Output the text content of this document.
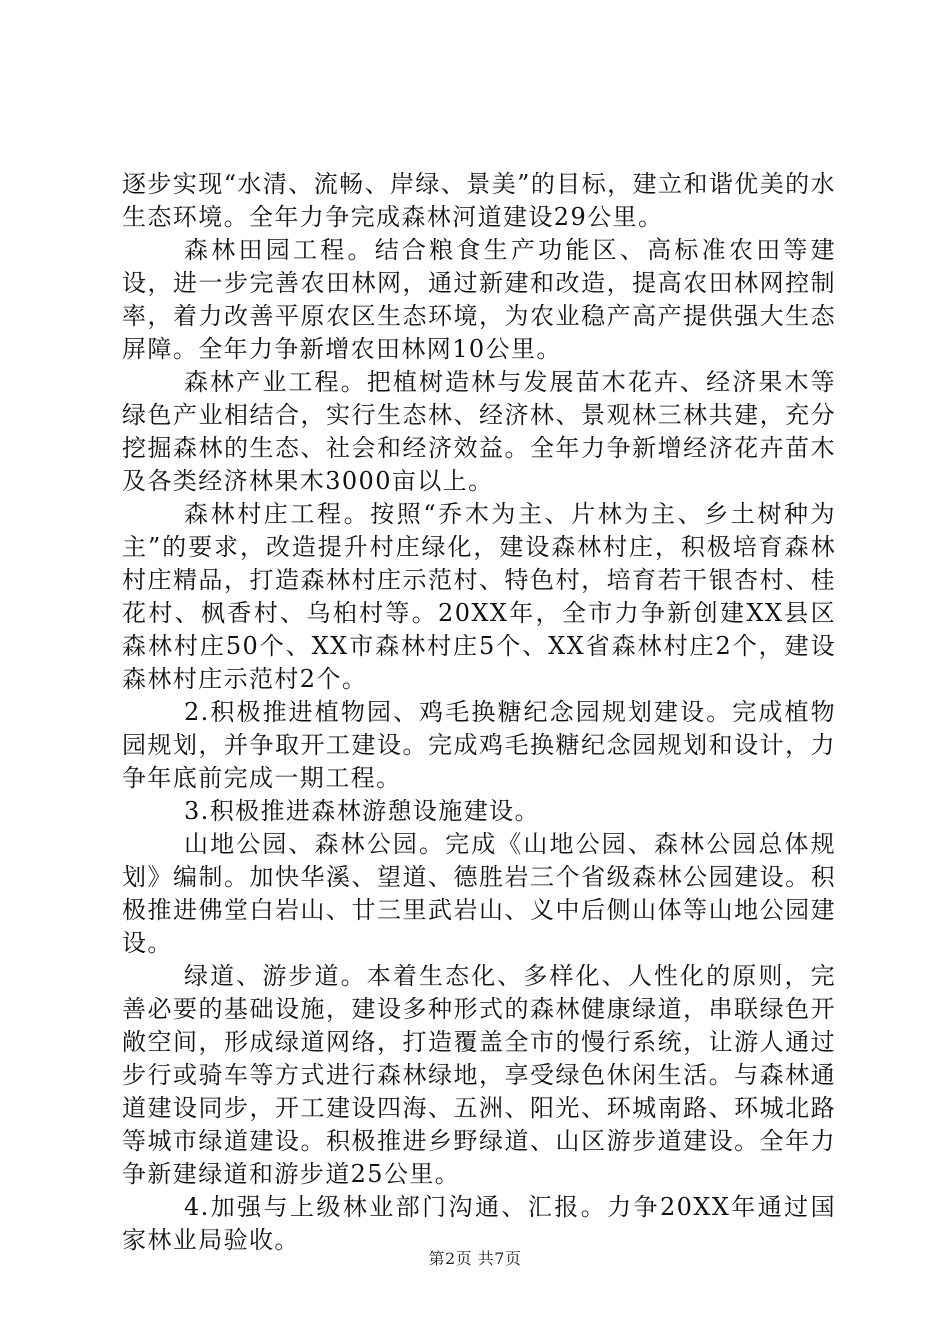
逐步实现“水清、流畅、岸绿、景美”的目标，建立和谐优美的水生态环境。全年力争完成森林河道建设29公里。

森林田园工程。结合粮食生产功能区、高标准农田等建设，进一步完善农田林网，通过新建和改造，提高农田林网控制率，着力改善平原农区生态环境，为农业稳产高产提供强大生态屏障。全年力争新增农田林网10公里。

森林产业工程。把植树造林与发展苗木花卉、经济果木等绿色产业相结合，实行生态林、经济林、景观林三林共建，充分挖掘森林的生态、社会和经济效益。全年力争新增经济花卉苗木及各类经济林果木3000亩以上。

森林村庄工程。按照“乔木为主、片林为主、乡土树种为主”的要求，改造提升村庄绿化，建设森林村庄，积极培育森林村庄精品，打造森林村庄示范村、特色村，培育若干银杏村、桂花村、枫香村、乌桕村等。20XX年，全市力争新创建XX县区森林村庄50个、XX市森林村庄5个、XX省森林村庄2个，建设森林村庄示范村2个。

2.积极推进植物园、鸡毛换糖纪念园规划建设。完成植物园规划，并争取开工建设。完成鸡毛换糖纪念园规划和设计，力争年底前完成一期工程。

3.积极推进森林游憩设施建设。

山地公园、森林公园。完成《山地公园、森林公园总体规划》编制。加快华溪、望道、德胜岩三个省级森林公园建设。积极推进佛堂白岩山、廿三里武岩山、义中后侧山体等山地公园建设。

绿道、游步道。本着生态化、多样化、人性化的原则，完善必要的基础设施，建设多种形式的森林健康绿道，串联绿色开敞空间，形成绿道网络，打造覆盖全市的慢行系统，让游人通过步行或骑车等方式进行森林绿地，享受绿色休闲生活。与森林通道建设同步，开工建设四海、五洲、阳光、环城南路、环城北路等城市绿道建设。积极推进乡野绿道、山区游步道建设。全年力争新建绿道和游步道25公里。

4.加强与上级林业部门沟通、汇报。力争20XX年通过国家林业局验收。

第2页 共7页
